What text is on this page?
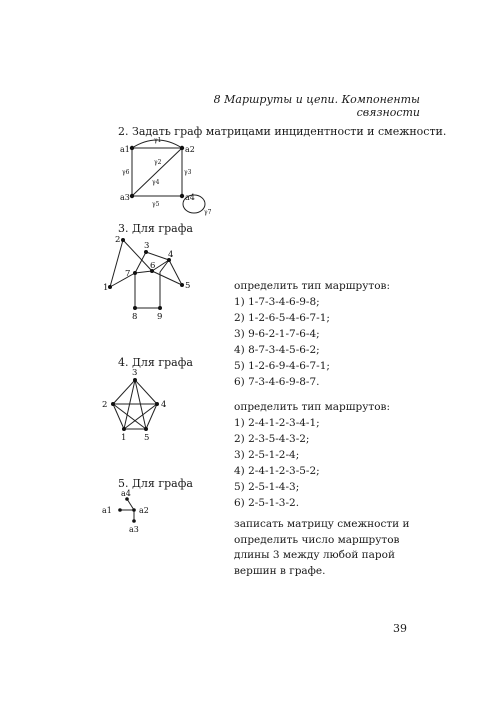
8 Маршруты и цепи. Компоненты связности
2. Задать граф матрицами инцидентности и смежности.
a1	a2
a3	a4
γ1
γ2
γ3
γ4
γ5
γ6
γ7
3. Для графа
1
2
3
4
5
6
7
8 9
определить тип маршрутов:
1) 1-7-3-4-6-9-8;
2) 1-2-6-5-4-6-7-1;
3) 9-6-2-1-7-6-4;
4) 8-7-3-4-5-6-2;
5) 1-2-6-9-4-6-7-1;
6) 7-3-4-6-9-8-7.
4. Для графа
1
2
3
4
5
определить тип маршрутов:
1) 2-4-1-2-3-4-1;
2) 2-3-5-4-3-2;
3) 2-5-1-2-4;
4) 2-4-1-2-3-5-2;
5) 2-5-1-4-3;
6) 2-5-1-3-2.
5. Для графа
a4
a1	a2
a3	записать матрицу смежности и определить число маршрутов длины 3 между любой парой вершин в графе.
39
